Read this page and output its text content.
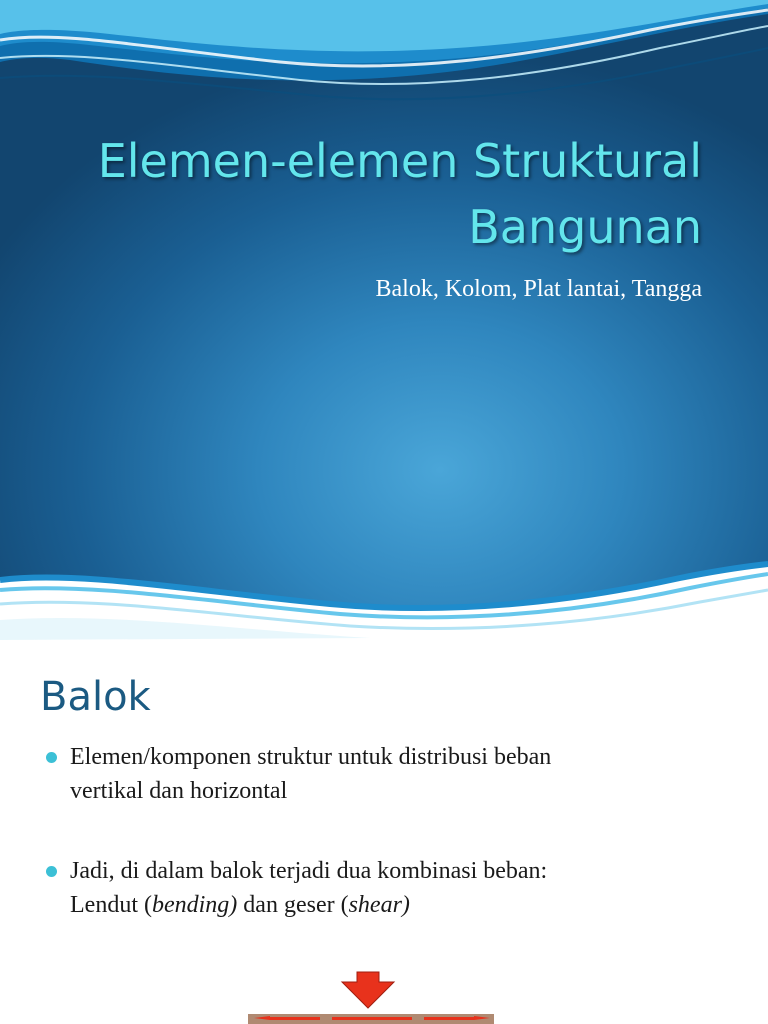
Elemen-elemen Struktural
Bangunan

Balok, Kolom, Plat lantai, Tangga

Balok
Elemen/komponen struktur untuk distribusi beban
vertikal dan horizontal
Jadi, di dalam balok terjadi dua kombinasi beban:
Lendut (bending) dan geser (shear)
